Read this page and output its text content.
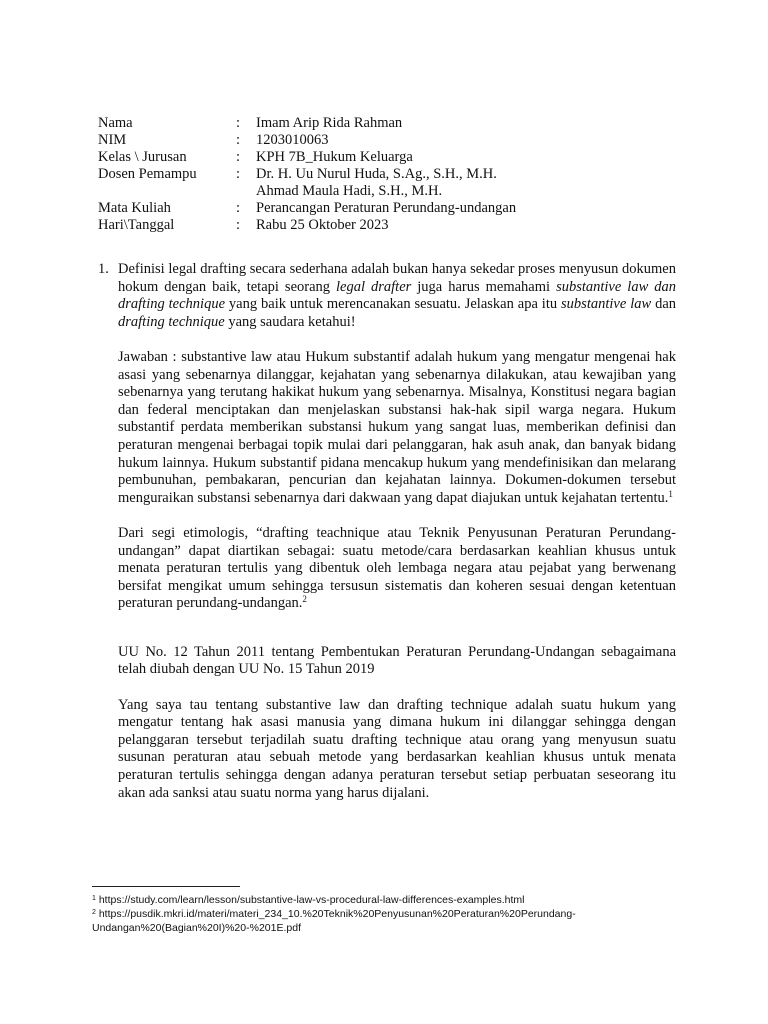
Nama	:	Imam Arip Rida Rahman
NIM	:	1203010063
Kelas \ Jurusan	:	KPH 7B_Hukum Keluarga
Dosen Pemampu	:	Dr. H. Uu Nurul Huda, S.Ag., S.H., M.H.
Ahmad Maula Hadi, S.H., M.H.
Mata Kuliah	:	Perancangan Peraturan Perundang-undangan
Hari\Tanggal	:	Rabu 25 Oktober 2023
1. Definisi legal drafting secara sederhana adalah bukan hanya sekedar proses menyusun dokumen hokum dengan baik, tetapi seorang legal drafter juga harus memahami substantive law dan drafting technique yang baik untuk merencanakan sesuatu. Jelaskan apa itu substantive law dan drafting technique yang saudara ketahui!

Jawaban : substantive law atau Hukum substantif adalah hukum yang mengatur mengenai hak asasi yang sebenarnya dilanggar, kejahatan yang sebenarnya dilakukan, atau kewajiban yang sebenarnya yang terutang hakikat hukum yang sebenarnya. Misalnya, Konstitusi negara bagian dan federal menciptakan dan menjelaskan substansi hak-hak sipil warga negara. Hukum substantif perdata memberikan substansi hukum yang sangat luas, memberikan definisi dan peraturan mengenai berbagai topik mulai dari pelanggaran, hak asuh anak, dan banyak bidang hukum lainnya. Hukum substantif pidana mencakup hukum yang mendefinisikan dan melarang pembunuhan, pembakaran, pencurian dan kejahatan lainnya. Dokumen-dokumen tersebut menguraikan substansi sebenarnya dari dakwaan yang dapat diajukan untuk kejahatan tertentu.$^1$

Dari segi etimologis, “drafting teachnique atau Teknik Penyusunan Peraturan Perundang-undangan” dapat diartikan sebagai: suatu metode/cara berdasarkan keahlian khusus untuk menata peraturan tertulis yang dibentuk oleh lembaga negara atau pejabat yang berwenang bersifat mengikat umum sehingga tersusun sistematis dan koheren sesuai dengan ketentuan peraturan perundang-undangan.$^2$

UU No. 12 Tahun 2011 tentang Pembentukan Peraturan Perundang-Undangan sebagaimana telah diubah dengan UU No. 15 Tahun 2019

Yang saya tau tentang substantive law dan drafting technique adalah suatu hukum yang mengatur tentang hak asasi manusia yang dimana hukum ini dilanggar sehingga dengan pelanggaran tersebut terjadilah suatu drafting technique atau orang yang menyusun suatu susunan peraturan atau sebuah metode yang berdasarkan keahlian khusus untuk menata peraturan tertulis sehingga dengan adanya peraturan tersebut setiap perbuatan seseorang itu akan ada sanksi atau suatu norma yang harus dijalani.

$^1$ https://study.com/learn/lesson/substantive-law-vs-procedural-law-differences-examples.html

$^2$ https://pusdik.mkri.id/materi/materi_234_10.%20Teknik%20Penyusunan%20Peraturan%20Perundang-Undangan%20(Bagian%20I)%20-%201E.pdf
